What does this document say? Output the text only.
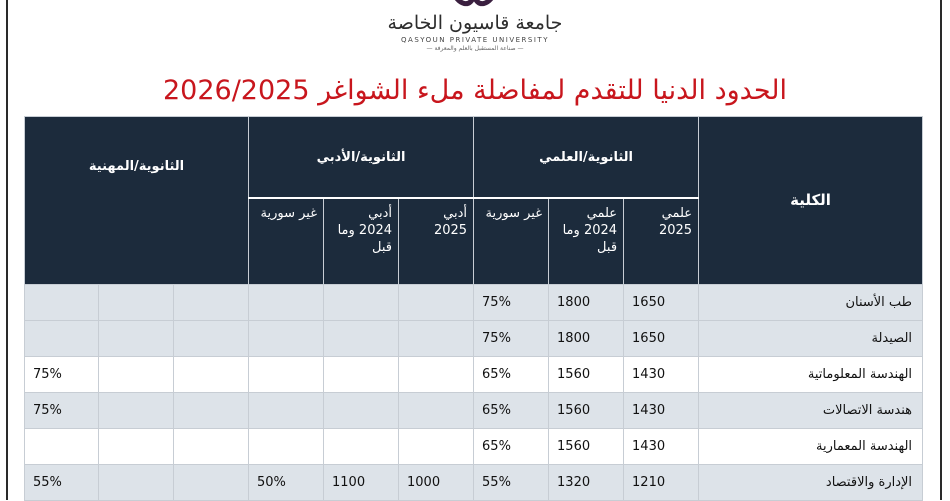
جامعة قاسيون الخاصة
QASYOUN PRIVATE UNIVERSITY
— صناعة المستقبل بالعلم والمعرفة —
الحدود الدنيا للتقدم لمفاضلة ملء الشواغر 2026/2025
الثانوية/المهنية			الثانوية/الأدبي			الثانوية/العلمي			الكلية
			غير سورية	أدبي 2024 وما قبل	أدبي 2025	غير سورية	علمي 2024 وما قبل	علمي 2025	
						75%	1800	1650	طب الأسنان
						75%	1800	1650	الصيدلة
75%						65%	1560	1430	الهندسة المعلوماتية
75%						65%	1560	1430	هندسة الاتصالات
						65%	1560	1430	الهندسة المعمارية
55%			50%	1100	1000	55%	1320	1210	الإدارة والاقتصاد
